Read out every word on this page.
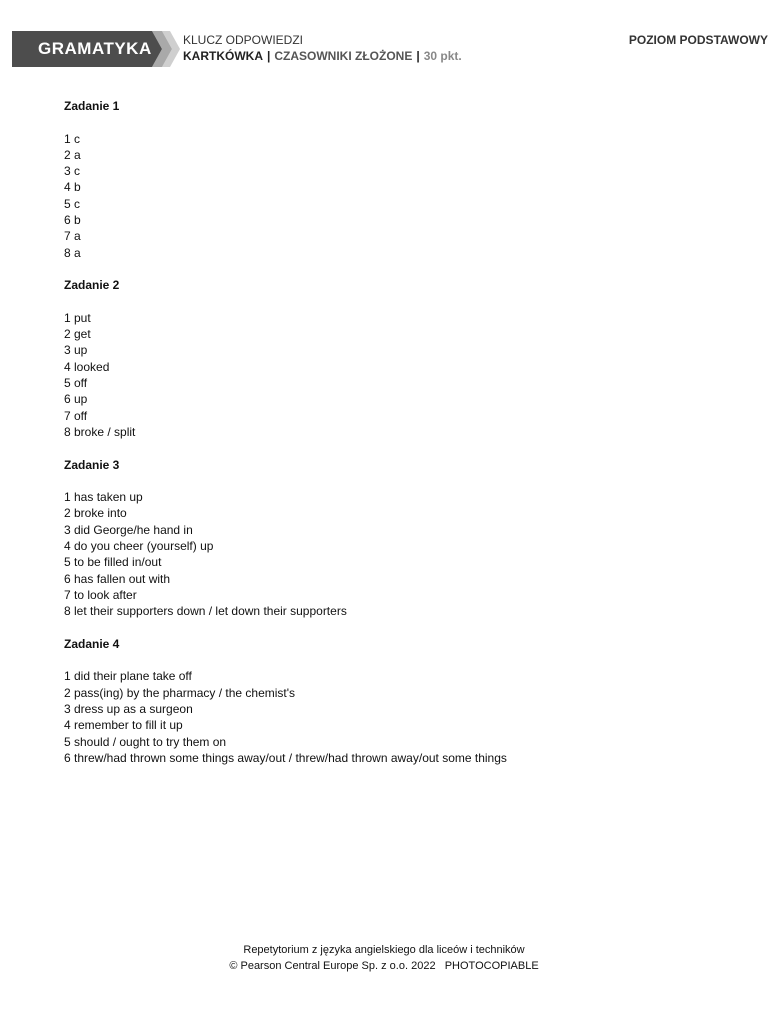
GRAMATYKA	KLUCZ ODPOWIEDZI
KARTKÓWKA | CZASOWNIKI ZŁOŻONE | 30 pkt.
POZIOM PODSTAWOWY
Zadanie 1
1 c
2 a
3 c
4 b
5 c
6 b
7 a
8 a
Zadanie 2
1 put
2 get
3 up
4 looked
5 off
6 up
7 off
8 broke / split
Zadanie 3
1 has taken up
2 broke into
3 did George/he hand in
4 do you cheer (yourself) up
5 to be filled in/out
6 has fallen out with
7 to look after
8 let their supporters down / let down their supporters
Zadanie 4
1 did their plane take off
2 pass(ing) by the pharmacy / the chemist's
3 dress up as a surgeon
4 remember to fill it up
5 should / ought to try them on
6 threw/had thrown some things away/out / threw/had thrown away/out some things
Repetytorium z języka angielskiego dla liceów i techników
© Pearson Central Europe Sp. z o.o. 2022   PHOTOCOPIABLE
